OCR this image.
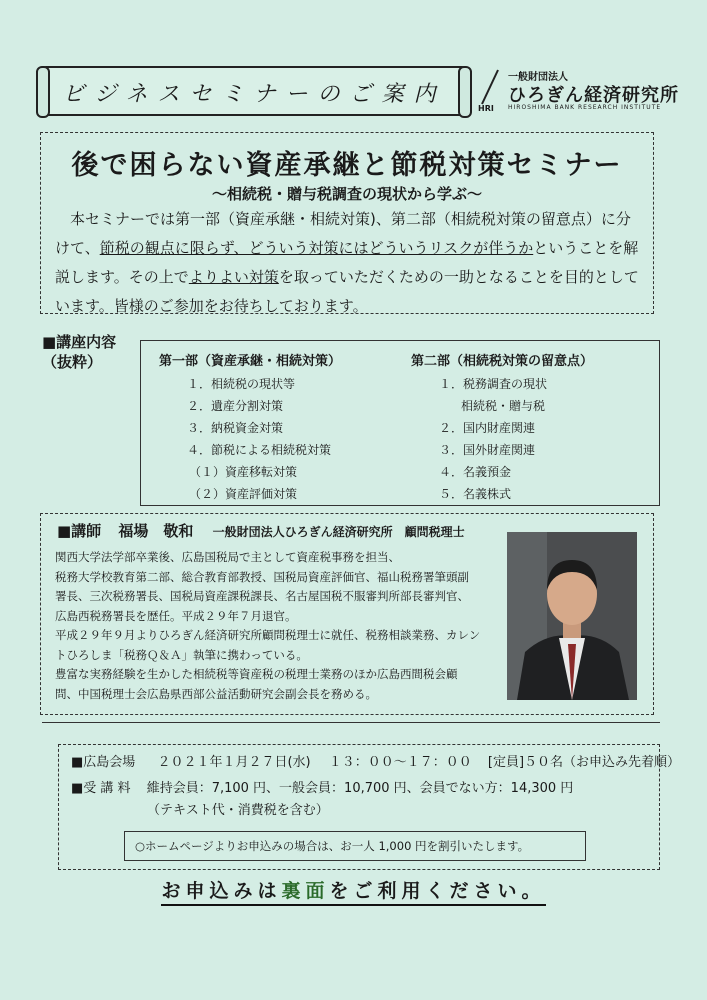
ビジネスセミナーのご案内
一般財団法人
ひろぎん経済研究所
HRI HIROSHIMA BANK RESEARCH INSTITUTE
後で困らない資産承継と節税対策セミナー
～相続税・贈与税調査の現状から学ぶ～
本セミナーでは第一部（資産承継・相続対策)、第二部（相続税対策の留意点）に分けて、節税の観点に限らず、どういう対策にはどういうリスクが伴うかということを解説します。その上でよりよい対策を取っていただくための一助となることを目的としています。皆様のご参加をお待ちしております。
■講座内容
（抜粋）	第一部（資産承継・相続対策）
１．相続税の現状等
２．遺産分割対策
３．納税資金対策
４．節税による相続税対策
（１）資産移転対策
（２）資産評価対策
第二部（相続税対策の留意点）
１．税務調査の現状
相続税・贈与税
２．国内財産関連
３．国外財産関連
４．名義預金
５．名義株式
■講師 福場　敬和 一般財団法人ひろぎん経済研究所　顧問税理士
関西大学法学部卒業後、広島国税局で主として資産税事務を担当、
税務大学校教育第二部、総合教育部教授、国税局資産評価官、福山税務署筆頭副
署長、三次税務署長、国税局資産課税課長、名古屋国税不服審判所部長審判官、
広島西税務署長を歴任。平成２９年７月退官。
平成２９年９月よりひろぎん経済研究所顧問税理士に就任、税務相談業務、カレン
トひろしま「税務Ｑ＆Ａ」執筆に携わっている。
豊富な実務経験を生かした相続税等資産税の税理士業務のほか広島西間税会顧
問、中国税理士会広島県西部公益活動研究会副会長を務める。
■広島会場 ２０２１年１月２７日(水) １３：００～１７：００ [定員]５０名（お申込み先着順）
■受 講 料 維持会員：7,100 円、一般会員：10,700 円、会員でない方：14,300 円
（テキスト代・消費税を含む）
○ホームページよりお申込みの場合は、お一人 1,000 円を割引いたします。
お申込みは裏面をご利用ください。
